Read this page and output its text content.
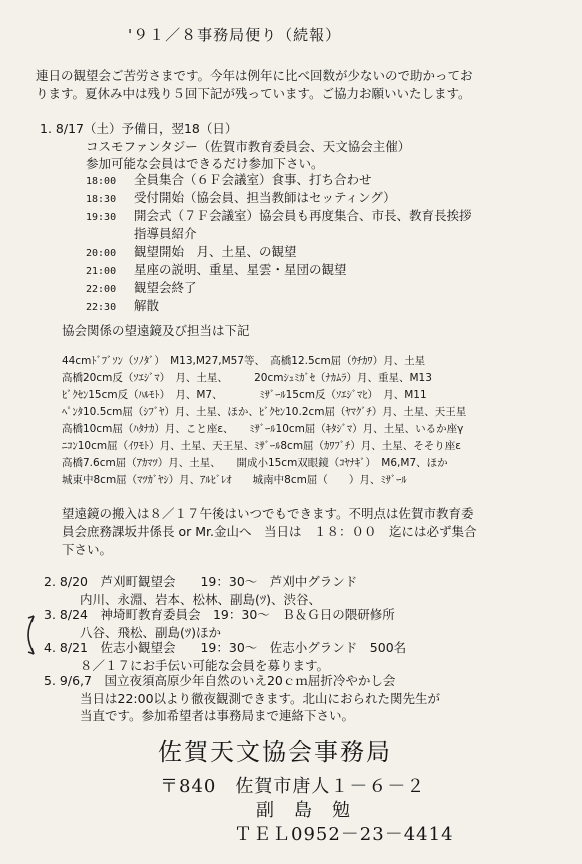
'９１／８事務局便り（続報）
連日の観望会ご苦労さまです。今年は例年に比べ回数が少ないので助かってお
ります。夏休み中は残り５回下記が残っています。ご協力お願いいたします。
1. 8/17（土）予備日，翌18（日）
コスモファンタジー（佐賀市教育委員会、天文協会主催）
参加可能な会員はできるだけ参加下さい。
18:00 全員集合（６Ｆ会議室）食事、打ち合わせ
18:30 受付開始（協会員、担当教師はセッティング）
19:30 開会式（７Ｆ会議室）協会員も再度集合、市長、教育長挨拶
指導員紹介
20:00 観望開始　月、土星、の観望
21:00 星座の説明、重星、星雲・星団の観望
22:00 観望会終了
22:30 解散
協会関係の望遠鏡及び担当は下記
44cmﾄﾞﾌﾞｿﾝ（ｿﾉﾀﾞ）　M13,M27,M57等、　高橋12.5cm屈（ｳﾁｶﾜ）月、土星
高橋20cm反（ｿｴｼﾞﾏ）　月、土星、　　　20cmｼｭﾐｶﾞｾ（ﾅｶﾑﾗ）月、重星、M13
ﾋﾞｸｾﾝ15cm反（ﾊﾙﾓﾄ）　月、M7、　　　　ﾐｻﾞｰﾙ15cm反（ｿｴｼﾞﾏﾋ）　月、M11
ﾍﾟﾝﾀ10.5cm屈（ｼﾌﾞﾔ）月、土星、ほか、ﾋﾞｸｾﾝ10.2cm屈（ﾔﾏｸﾞﾁ）月、土星、天王星
高橋10cm屈（ﾊﾀﾅｶ）月、こと座ε、　　ﾐｻﾞｰﾙ10cm屈（ｷﾀｼﾞﾏ）月、土星、いるか座γ
ﾆｺﾝ10cm屈（ｲﾜﾓﾄ）月、土星、天王星、ﾐｻﾞｰﾙ8cm屈（ｶﾜﾌﾞﾁ）月、土星、そそり座ε
高橋7.6cm屈（ｱｶﾏﾂ）月、土星、　　開成小15cm双眼鏡（ｺﾔﾅｷﾞ）　M6,M7、ほか
城東中8cm屈（ﾏﾂｶﾞﾔｼ）月、ｱﾙﾋﾞﾚｵ　　城南中8cm屈（　　）月、ﾐｻﾞｰﾙ
望遠鏡の搬入は８／１７午後はいつでもできます。不明点は佐賀市教育委
員会庶務課坂井係長 or Mr.金山へ　当日は　１８：００　迄には必ず集合
下さい。
2. 8/20　芦刈町観望会　　19：30〜　芦刈中グランド
内川、永淵、岩本、松林、副島(ﾂ)、渋谷、
3. 8/24　神埼町教育委員会　19：30〜　Ｂ＆Ｇ日の隈研修所
八谷、飛松、副島(ﾂ)ほか
4. 8/21　佐志小観望会　　19：30〜　佐志小グランド　500名
８／１７にお手伝い可能な会員を募ります。
5. 9/6,7　国立夜須高原少年自然のいえ20ｃｍ屈折冷やかし会
当日は22:00以より徹夜観測できます。北山におられた関先生が
当直です。参加希望者は事務局まで連絡下さい。
佐賀天文協会事務局
〒840　佐賀市唐人１－６－２
副　島　勉
ＴＥＬ0952－23－4414
